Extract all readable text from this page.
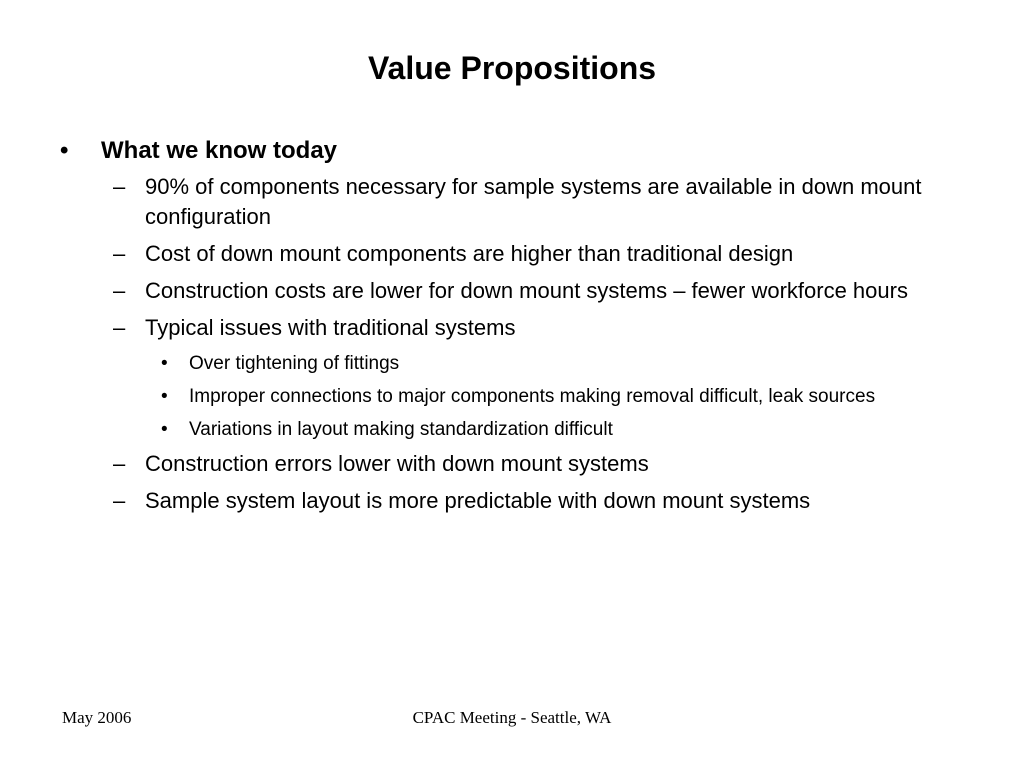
Value Propositions
•	What we know today
– 90% of components necessary for sample systems are available in down mount configuration
– Cost of down mount components are higher than traditional design
– Construction costs are lower for down mount systems – fewer workforce hours
– Typical issues with traditional systems
• Over tightening of fittings
• Improper connections to major components making removal difficult, leak sources
• Variations in layout making standardization difficult
– Construction errors lower with down mount systems
– Sample system layout is more predictable with down mount systems
May 2006	CPAC Meeting - Seattle, WA
